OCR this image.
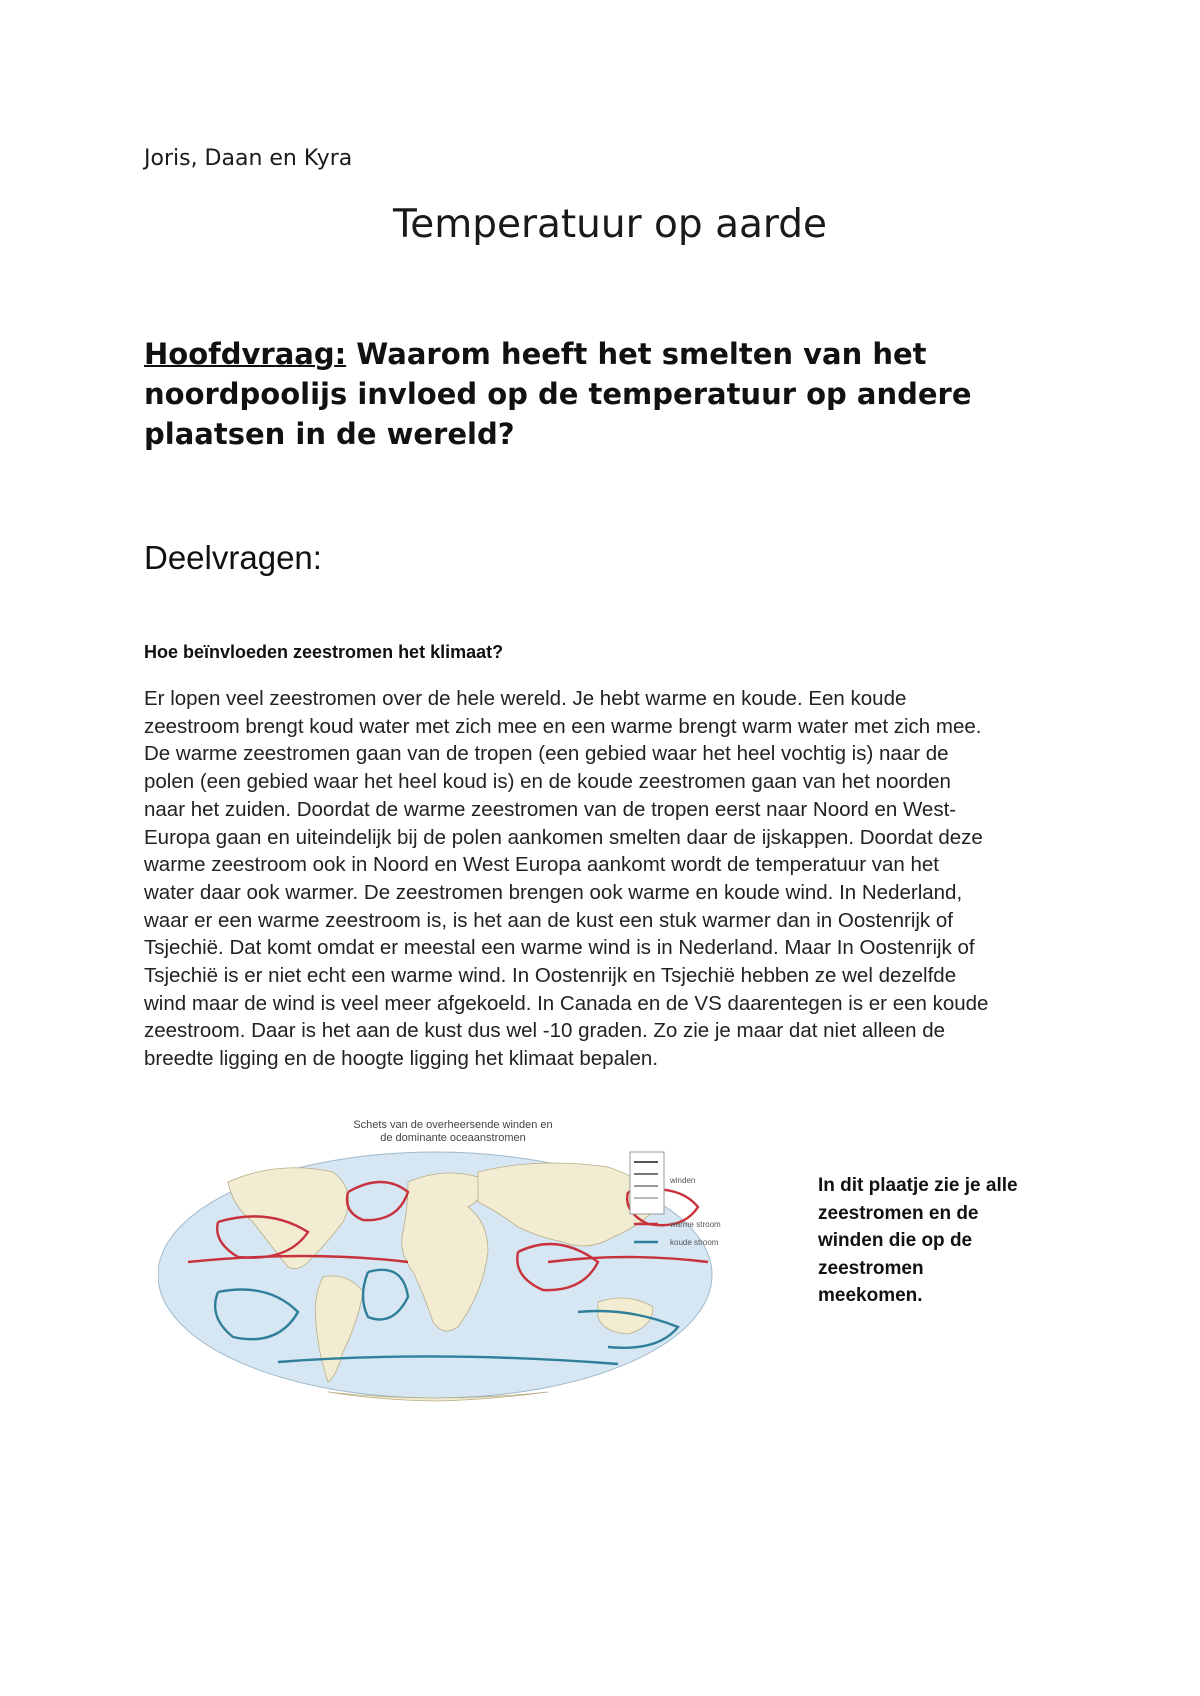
Joris, Daan en Kyra
Temperatuur op aarde
Hoofdvraag: Waarom heeft het smelten van het noordpoolijs invloed op de temperatuur op andere plaatsen in de wereld?
Deelvragen:
Hoe beïnvloeden zeestromen het klimaat?
Er lopen veel zeestromen over de hele wereld. Je hebt warme en koude. Een koude
zeestroom brengt koud water met zich mee en een warme brengt warm water met zich mee.
De warme zeestromen gaan van de tropen (een gebied waar het heel vochtig is) naar de
polen (een gebied waar het heel koud is) en de koude zeestromen gaan van het noorden
naar het zuiden. Doordat de warme zeestromen van de tropen eerst naar Noord en West-
Europa gaan en uiteindelijk bij de polen aankomen smelten daar de ijskappen. Doordat deze
warme zeestroom ook in Noord en West Europa aankomt wordt de temperatuur van het
water daar ook warmer. De zeestromen brengen ook warme en koude wind. In Nederland,
waar er een warme zeestroom is, is het aan de kust een stuk warmer dan in Oostenrijk of
Tsjechië. Dat komt omdat er meestal een warme wind is in Nederland. Maar In Oostenrijk of
Tsjechië is er niet echt een warme wind. In Oostenrijk en Tsjechië hebben ze wel dezelfde
wind maar de wind is veel meer afgekoeld. In Canada en de VS daarentegen is er een koude
zeestroom. Daar is het aan de kust dus wel -10 graden. Zo zie je maar dat niet alleen de
breedte ligging en de hoogte ligging het klimaat bepalen.
Schets van de overheersende winden en
de dominante oceaanstromen
winden
warme stroom
koude stroom
In dit plaatje zie je alle
zeestromen en de
winden die op de
zeestromen
meekomen.
